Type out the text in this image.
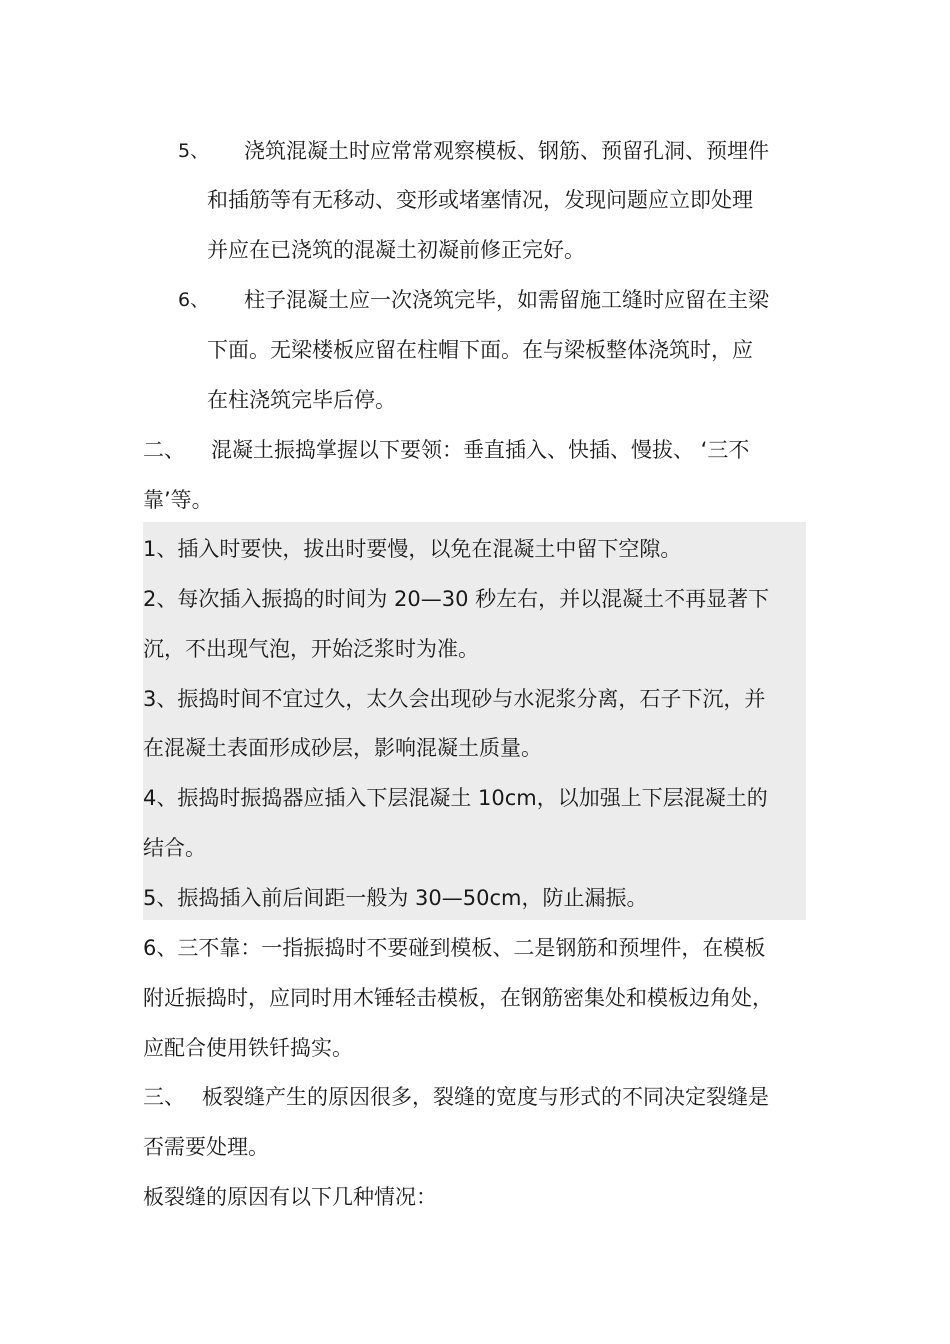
5、 浇筑混凝土时应常常观察模板、钢筋、预留孔洞、预埋件
和插筋等有无移动、变形或堵塞情况，发现问题应立即处理
并应在已浇筑的混凝土初凝前修正完好。
6、 柱子混凝土应一次浇筑完毕，如需留施工缝时应留在主梁
下面。无梁楼板应留在柱帽下面。在与梁板整体浇筑时，应
在柱浇筑完毕后停。
二、 混凝土振捣掌握以下要领：垂直插入、快插、慢拔、 ‘三不
靠’等。
1、插入时要快，拔出时要慢，以免在混凝土中留下空隙。
2、每次插入振捣的时间为 20—30 秒左右，并以混凝土不再显著下
沉，不出现气泡，开始泛浆时为准。
3、振捣时间不宜过久，太久会出现砂与水泥浆分离，石子下沉，并
在混凝土表面形成砂层，影响混凝土质量。
4、振捣时振捣器应插入下层混凝土 10cm，以加强上下层混凝土的
结合。
5、振捣插入前后间距一般为 30—50cm，防止漏振。
6、三不靠：一指振捣时不要碰到模板、二是钢筋和预埋件，在模板
附近振捣时，应同时用木锤轻击模板，在钢筋密集处和模板边角处，
应配合使用铁钎捣实。
三、 板裂缝产生的原因很多，裂缝的宽度与形式的不同决定裂缝是
否需要处理。
板裂缝的原因有以下几种情况：
